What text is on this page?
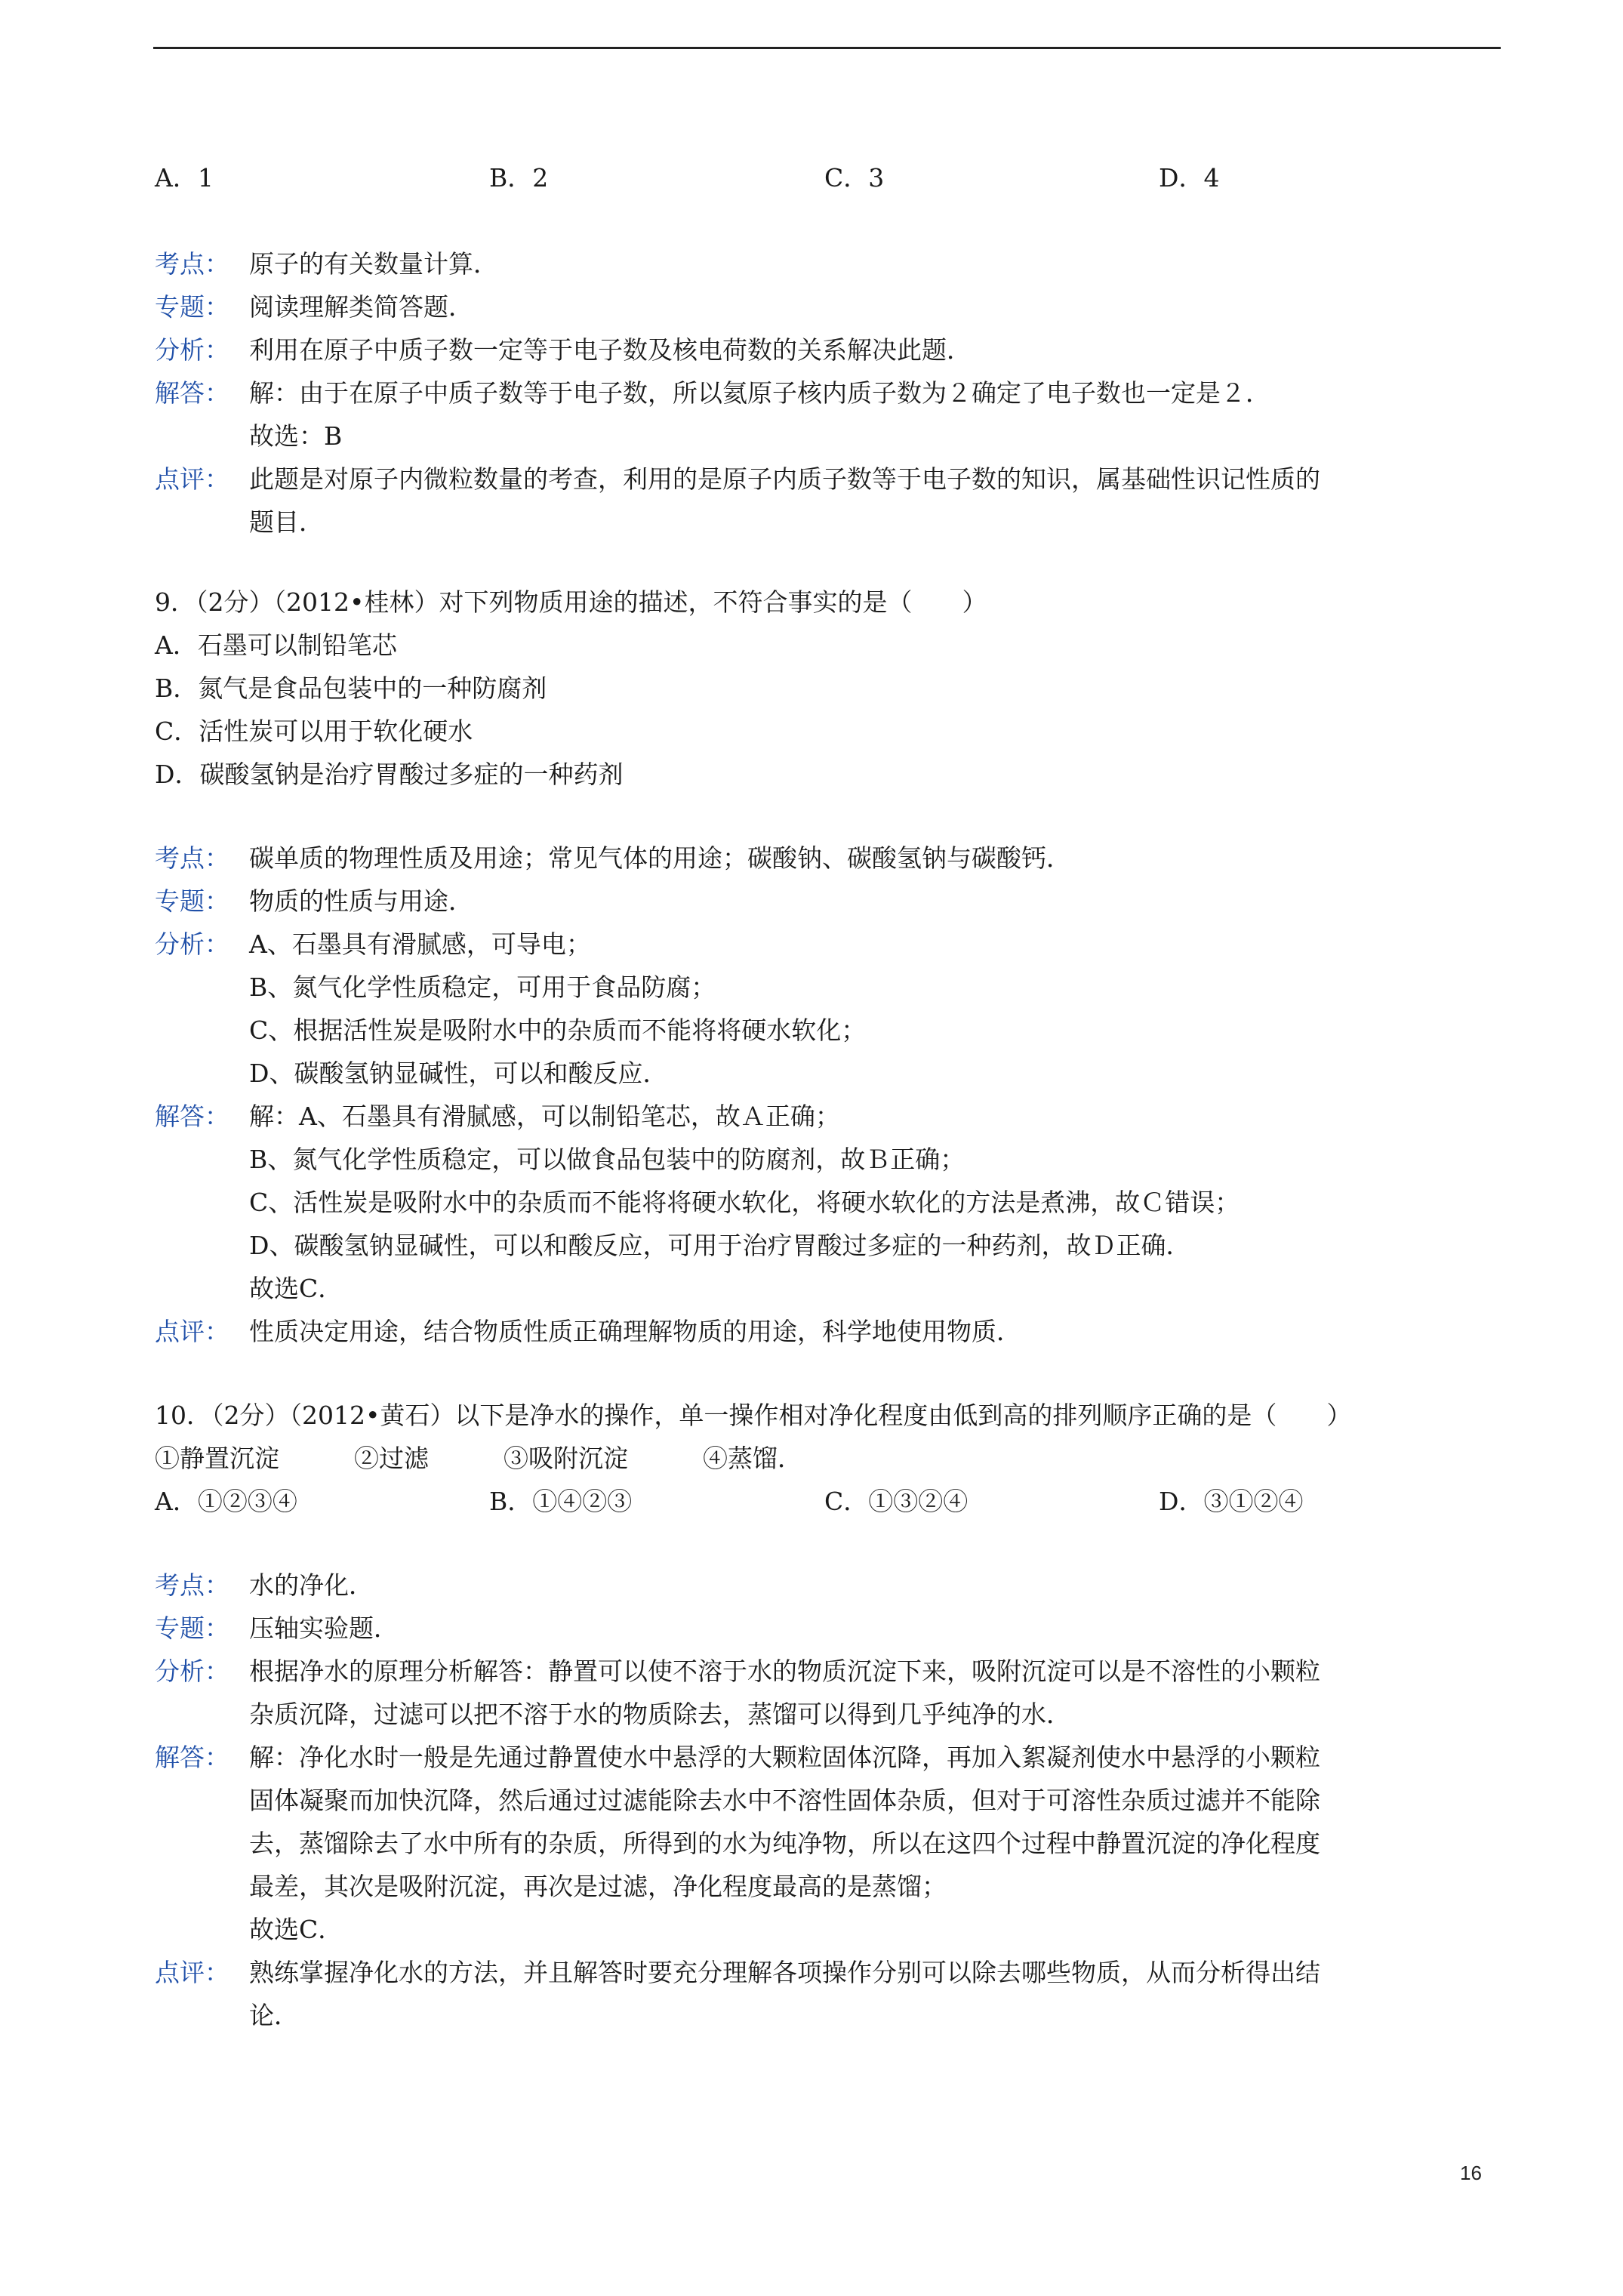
A．1	B．2	C．3	D．4
考点： 原子的有关数量计算．
专题： 阅读理解类简答题．
分析： 利用在原子中质子数一定等于电子数及核电荷数的关系解决此题．
解答： 解：由于在原子中质子数等于电子数，所以氦原子核内质子数为２确定了电子数也一定是２．
故选：B
点评： 此题是对原子内微粒数量的考查，利用的是原子内质子数等于电子数的知识，属基础性识记性质的
题目．
9．（2分）（2012•桂林）对下列物质用途的描述，不符合事实的是（　　）
A．石墨可以制铅笔芯
B．氮气是食品包装中的一种防腐剂
C．活性炭可以用于软化硬水
D．碳酸氢钠是治疗胃酸过多症的一种药剂
考点： 碳单质的物理性质及用途；常见气体的用途；碳酸钠、碳酸氢钠与碳酸钙．
专题： 物质的性质与用途．
分析： A、石墨具有滑腻感，可导电；
B、氮气化学性质稳定，可用于食品防腐；
C、根据活性炭是吸附水中的杂质而不能将将硬水软化；
D、碳酸氢钠显碱性，可以和酸反应．
解答： 解：A、石墨具有滑腻感，可以制铅笔芯，故Ａ正确；
B、氮气化学性质稳定，可以做食品包装中的防腐剂，故Ｂ正确；
C、活性炭是吸附水中的杂质而不能将将硬水软化，将硬水软化的方法是煮沸，故Ｃ错误；
D、碳酸氢钠显碱性，可以和酸反应，可用于治疗胃酸过多症的一种药剂，故Ｄ正确．
故选C．
点评： 性质决定用途，结合物质性质正确理解物质的用途，科学地使用物质．
10．（2分）（2012•黄石）以下是净水的操作，单一操作相对净化程度由低到高的排列顺序正确的是（　　）
①静置沉淀　　　②过滤　　　③吸附沉淀　　　④蒸馏．
A．①②③④	B．①④②③	C．①③②④	D．③①②④
考点： 水的净化．
专题： 压轴实验题．
分析： 根据净水的原理分析解答：静置可以使不溶于水的物质沉淀下来，吸附沉淀可以是不溶性的小颗粒
杂质沉降，过滤可以把不溶于水的物质除去，蒸馏可以得到几乎纯净的水．
解答： 解：净化水时一般是先通过静置使水中悬浮的大颗粒固体沉降，再加入絮凝剂使水中悬浮的小颗粒
固体凝聚而加快沉降，然后通过过滤能除去水中不溶性固体杂质，但对于可溶性杂质过滤并不能除
去，蒸馏除去了水中所有的杂质，所得到的水为纯净物，所以在这四个过程中静置沉淀的净化程度
最差，其次是吸附沉淀，再次是过滤，净化程度最高的是蒸馏；
故选C．
点评： 熟练掌握净化水的方法，并且解答时要充分理解各项操作分别可以除去哪些物质，从而分析得出结
论．
16
